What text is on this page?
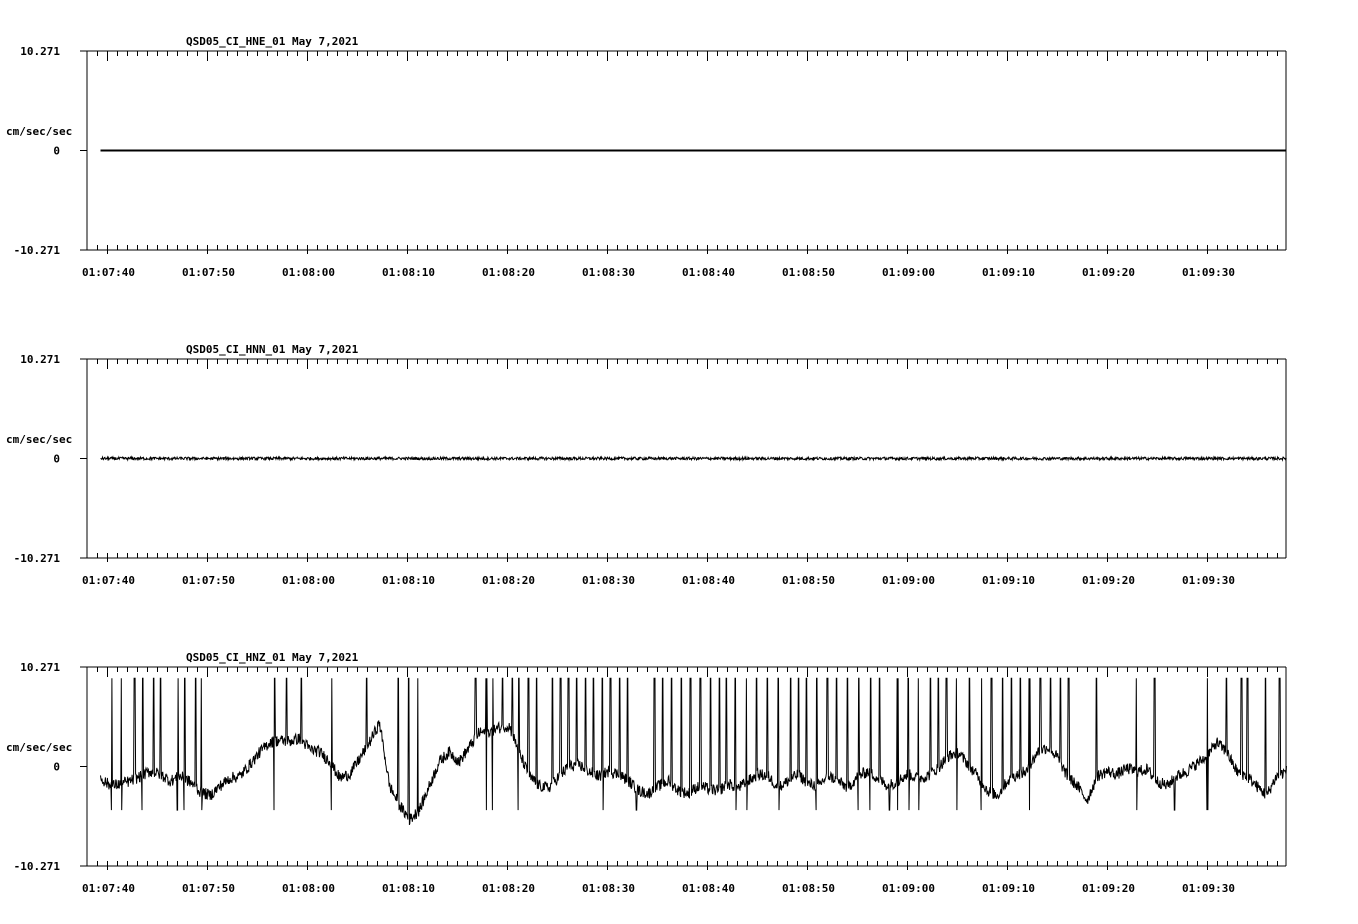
QSD05_CI_HNE_01 May 7,2021
10.271
0
-10.271
cm/sec/sec
01:07:40	01:07:50	01:08:00	01:08:10	01:08:20	01:08:30	01:08:40	01:08:50	01:09:00	01:09:10	01:09:20	01:09:30
QSD05_CI_HNN_01 May 7,2021
10.271
0
-10.271
cm/sec/sec
01:07:40	01:07:50	01:08:00	01:08:10	01:08:20	01:08:30	01:08:40	01:08:50	01:09:00	01:09:10	01:09:20	01:09:30
QSD05_CI_HNZ_01 May 7,2021
10.271
0
-10.271
cm/sec/sec
01:07:40	01:07:50	01:08:00	01:08:10	01:08:20	01:08:30	01:08:40	01:08:50	01:09:00	01:09:10	01:09:20	01:09:30
